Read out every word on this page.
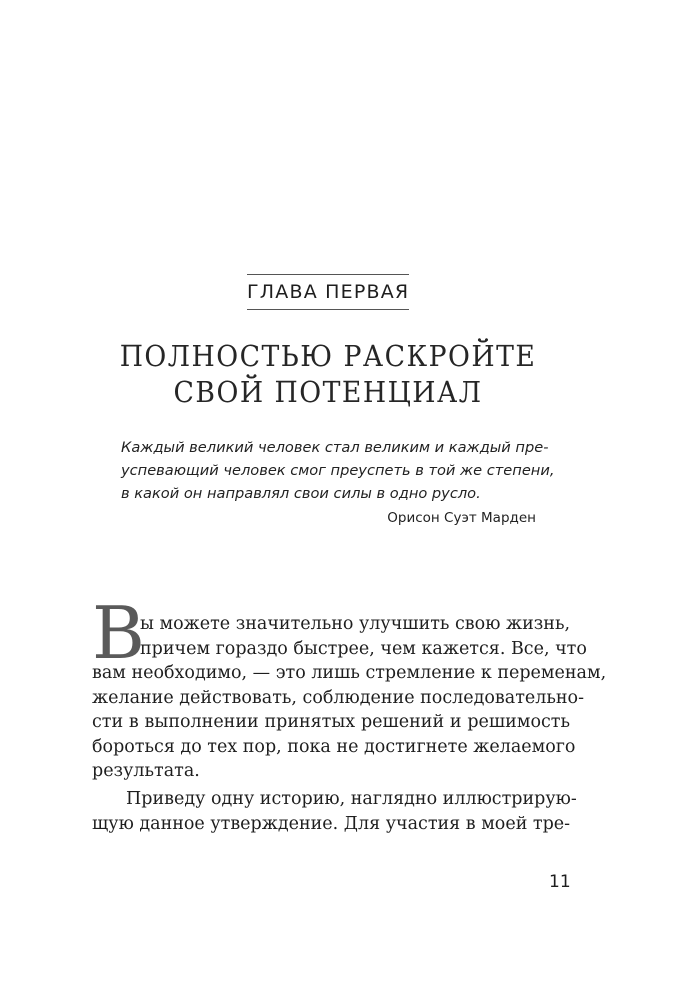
ГЛАВА ПЕРВАЯ
ПОЛНОСТЬЮ РАСКРОЙТЕ
СВОЙ ПОТЕНЦИАЛ
Каждый великий человек стал великим и каждый пре-
успевающий человек смог преуспеть в той же степени,
в какой он направлял свои силы в одно русло.
Орисон Суэт Марден
В
ы можете значительно улучшить свою жизнь,
причем гораздо быстрее, чем кажется. Все, что
вам необходимо, — это лишь стремление к переменам,
желание действовать, соблюдение последовательно-
сти в выполнении принятых решений и решимость
бороться до тех пор, пока не достигнете желаемого
результата.
Приведу одну историю, наглядно иллюстрирую-
щую данное утверждение. Для участия в моей тре-
11
